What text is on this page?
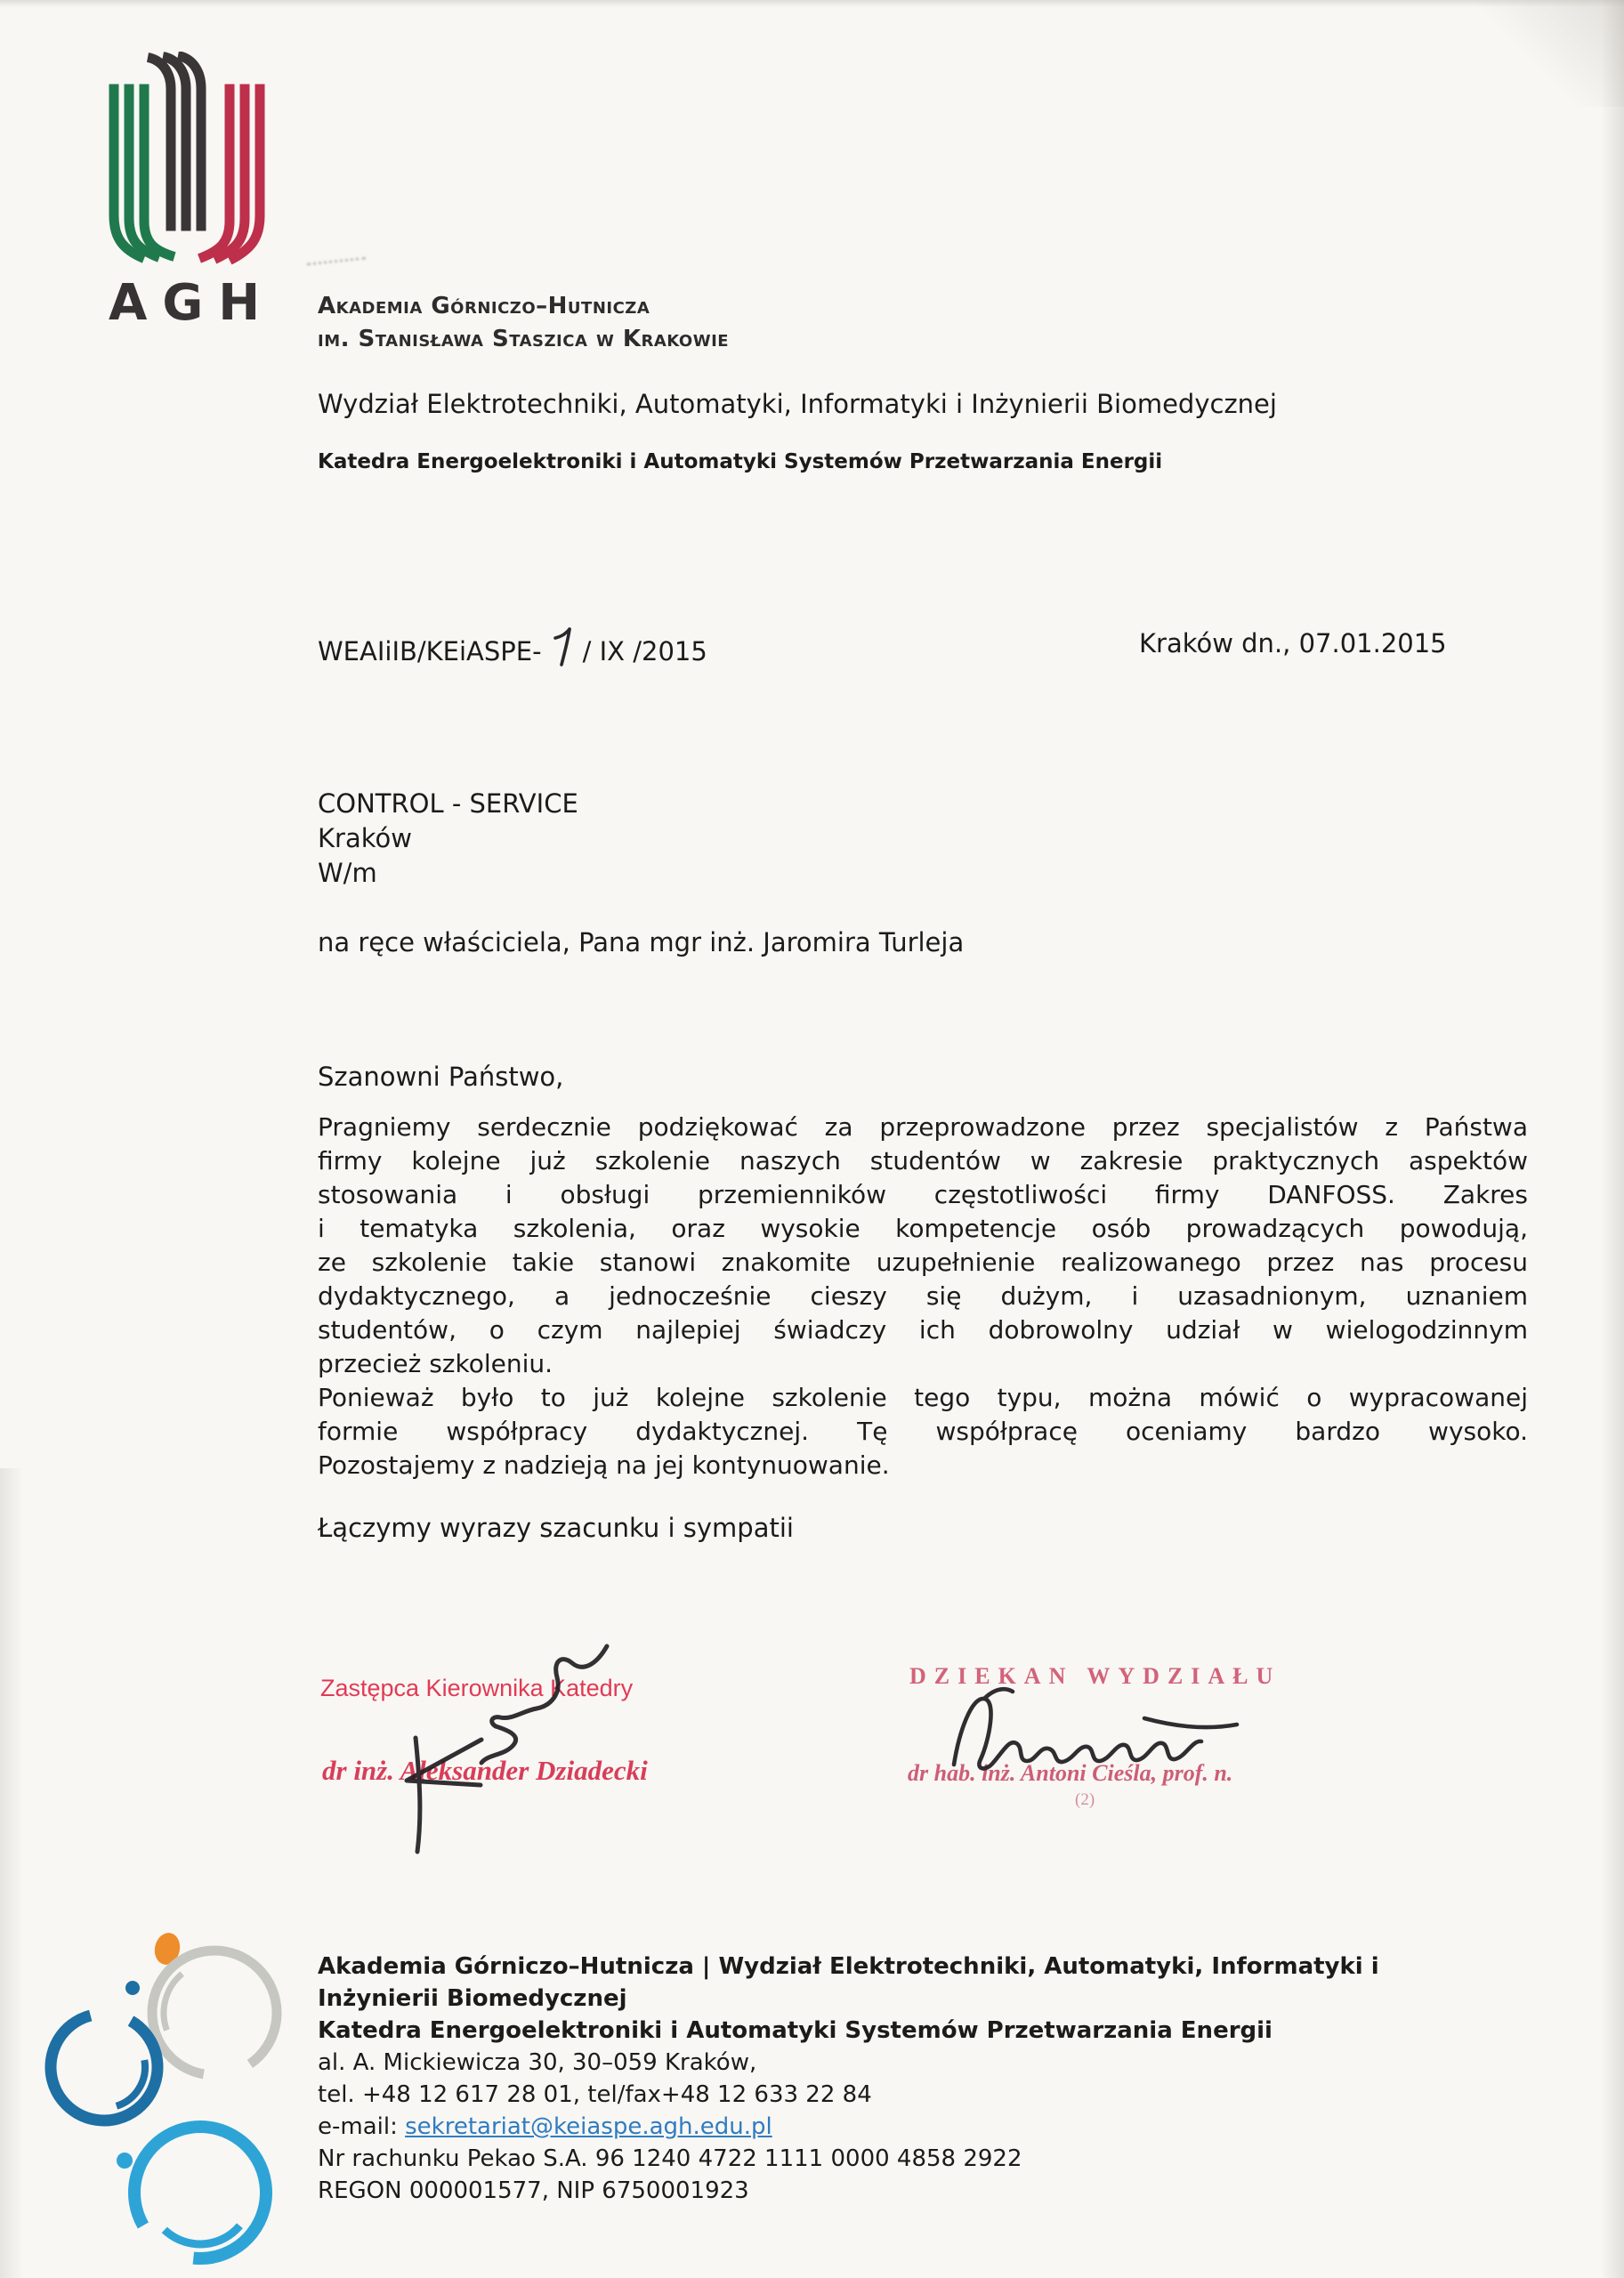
AGH Akademia Górniczo–Hutnicza
im. Stanisława Staszica w Krakowie
Wydział Elektrotechniki, Automatyki, Informatyki i Inżynierii Biomedycznej
Katedra Energoelektroniki i Automatyki Systemów Przetwarzania Energii
WEAIiIB/KEiASPE- / IX /2015	Kraków dn., 07.01.2015
CONTROL - SERVICE
Kraków
W/m
na ręce właściciela, Pana mgr inż. Jaromira Turleja
Szanowni Państwo,
Pragniemy serdecznie podziękować za przeprowadzone przez specjalistów z Państwa
firmy kolejne już szkolenie naszych studentów w zakresie praktycznych aspektów
stosowania i obsługi przemienników częstotliwości firmy DANFOSS. Zakres
i tematyka szkolenia, oraz wysokie kompetencje osób prowadzących powodują,
ze szkolenie takie stanowi znakomite uzupełnienie realizowanego przez nas procesu
dydaktycznego, a jednocześnie cieszy się dużym, i uzasadnionym, uznaniem
studentów, o czym najlepiej świadczy ich dobrowolny udział w wielogodzinnym
przecież szkoleniu.
Ponieważ było to już kolejne szkolenie tego typu, można mówić o wypracowanej
formie współpracy dydaktycznej. Tę współpracę oceniamy bardzo wysoko.
Pozostajemy z nadzieją na jej kontynuowanie.
Łączymy wyrazy szacunku i sympatii
Zastępca Kierownika Katedry
dr inż. Aleksander Dziadecki
DZIEKAN WYDZIAŁU
dr hab. inż. Antoni Cieśla, prof. n.
(2)
Akademia Górniczo–Hutnicza | Wydział Elektrotechniki, Automatyki, Informatyki i
Inżynierii Biomedycznej
Katedra Energoelektroniki i Automatyki Systemów Przetwarzania Energii
al. A. Mickiewicza 30, 30–059 Kraków,
tel. +48 12 617 28 01, tel/fax+48 12 633 22 84
e-mail: sekretariat@keiaspe.agh.edu.pl
Nr rachunku Pekao S.A. 96 1240 4722 1111 0000 4858 2922
REGON 000001577, NIP 6750001923
